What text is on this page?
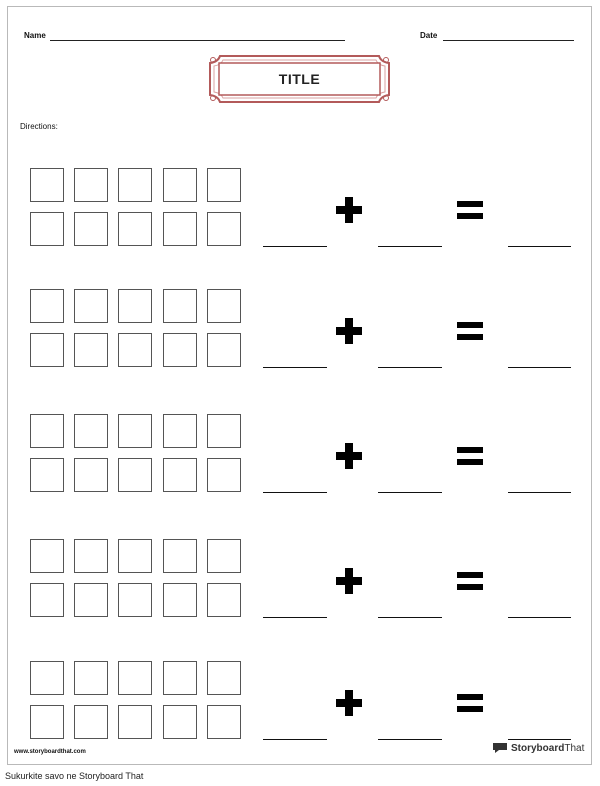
Name	Date
TITLE
Directions:
www.storyboardthat.com	StoryboardThat
Sukurkite savo ne Storyboard That
